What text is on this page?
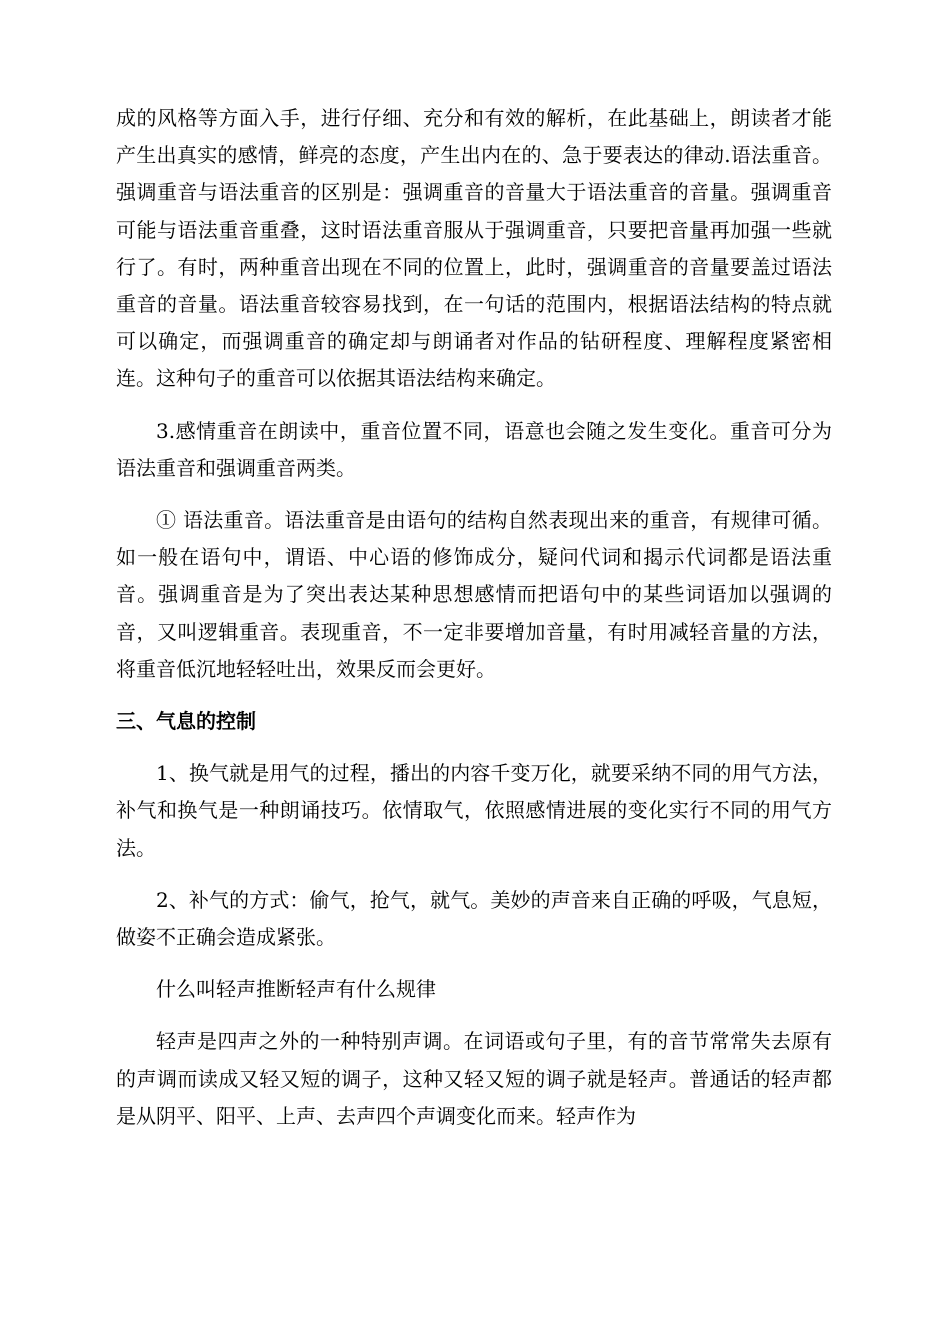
成的风格等方面入手，进行仔细、充分和有效的解析，在此基础上，朗读者才能产生出真实的感情，鲜亮的态度，产生出内在的、急于要表达的律动.语法重音。强调重音与语法重音的区别是：强调重音的音量大于语法重音的音量。强调重音可能与语法重音重叠，这时语法重音服从于强调重音，只要把音量再加强一些就行了。有时，两种重音出现在不同的位置上，此时，强调重音的音量要盖过语法重音的音量。语法重音较容易找到，在一句话的范围内，根据语法结构的特点就可以确定，而强调重音的确定却与朗诵者对作品的钻研程度、理解程度紧密相连。这种句子的重音可以依据其语法结构来确定。

3.感情重音在朗读中，重音位置不同，语意也会随之发生变化。重音可分为语法重音和强调重音两类。

① 语法重音。语法重音是由语句的结构自然表现出来的重音，有规律可循。如一般在语句中，谓语、中心语的修饰成分，疑问代词和揭示代词都是语法重音。强调重音是为了突出表达某种思想感情而把语句中的某些词语加以强调的音，又叫逻辑重音。表现重音，不一定非要增加音量，有时用减轻音量的方法，将重音低沉地轻轻吐出，效果反而会更好。

三、气息的控制

1、换气就是用气的过程，播出的内容千变万化，就要采纳不同的用气方法，补气和换气是一种朗诵技巧。依情取气，依照感情进展的变化实行不同的用气方法。

2、补气的方式：偷气，抢气，就气。美妙的声音来自正确的呼吸，气息短，做姿不正确会造成紧张。

什么叫轻声推断轻声有什么规律

轻声是四声之外的一种特别声调。在词语或句子里，有的音节常常失去原有的声调而读成又轻又短的调子，这种又轻又短的调子就是轻声。普通话的轻声都是从阴平、阳平、上声、去声四个声调变化而来。轻声作为
